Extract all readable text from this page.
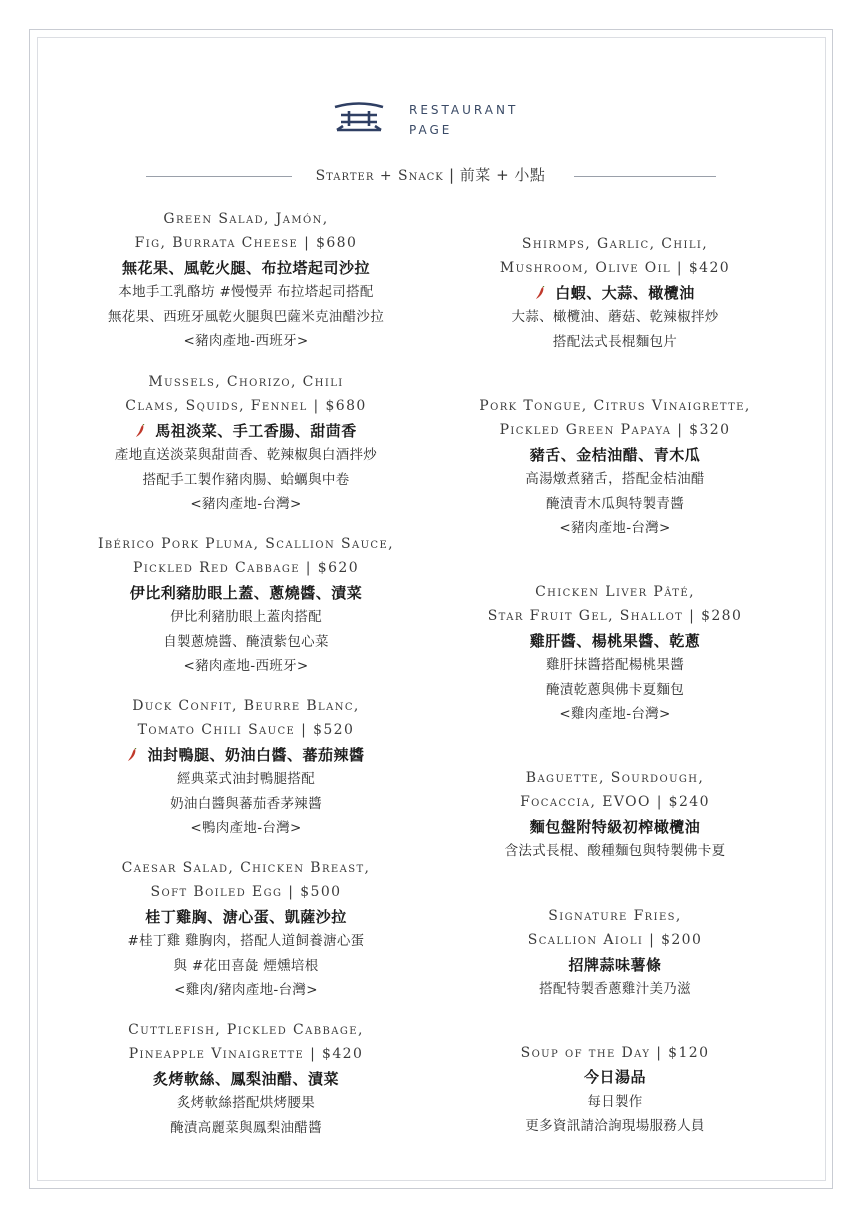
RESTAURANT
PAGE
Starter + Snack | 前菜 + 小點
Green Salad, Jamón,
Fig, Burrata Cheese | $680
無花果、風乾火腿、布拉塔起司沙拉
本地手工乳酪坊 #慢慢弄 布拉塔起司搭配
無花果、西班牙風乾火腿與巴薩米克油醋沙拉
<豬肉產地-西班牙>
Mussels, Chorizo, Chili
Clams, Squids, Fennel | $680
馬祖淡菜、手工香腸、甜茴香
產地直送淡菜與甜茴香、乾辣椒與白酒拌炒
搭配手工製作豬肉腸、蛤蠣與中卷
<豬肉產地-台灣>
Ibérico Pork Pluma, Scallion Sauce,
Pickled Red Cabbage | $620
伊比利豬肋眼上蓋、蔥燒醬、漬菜
伊比利豬肋眼上蓋肉搭配
自製蔥燒醬、醃漬紫包心菜
<豬肉產地-西班牙>
Duck Confit, Beurre Blanc,
Tomato Chili Sauce | $520
油封鴨腿、奶油白醬、蕃茄辣醬
經典菜式油封鴨腿搭配
奶油白醬與蕃茄香茅辣醬
<鴨肉產地-台灣>
Caesar Salad, Chicken Breast,
Soft Boiled Egg | $500
桂丁雞胸、溏心蛋、凱薩沙拉
#桂丁雞 雞胸肉，搭配人道飼養溏心蛋
與 #花田喜彘 煙燻培根
<雞肉/豬肉產地-台灣>
Cuttlefish, Pickled Cabbage,
Pineapple Vinaigrette | $420
炙烤軟絲、鳳梨油醋、漬菜
炙烤軟絲搭配烘烤腰果
醃漬高麗菜與鳳梨油醋醬
Shirmps, Garlic, Chili,
Mushroom, Olive Oil | $420
白蝦、大蒜、橄欖油
大蒜、橄欖油、蘑菇、乾辣椒拌炒
搭配法式長棍麵包片
Pork Tongue, Citrus Vinaigrette,
Pickled Green Papaya | $320
豬舌、金桔油醋、青木瓜
高湯燉煮豬舌，搭配金桔油醋
醃漬青木瓜與特製青醬
<豬肉產地-台灣>
Chicken Liver Pâté,
Star Fruit Gel, Shallot | $280
雞肝醬、楊桃果醬、乾蔥
雞肝抹醬搭配楊桃果醬
醃漬乾蔥與佛卡夏麵包
<雞肉產地-台灣>
Baguette, Sourdough,
Focaccia, EVOO | $240
麵包盤附特級初榨橄欖油
含法式長棍、酸種麵包與特製佛卡夏
Signature Fries,
Scallion Aioli | $200
招牌蒜味薯條
搭配特製香蔥雞汁美乃滋
Soup of the Day | $120
今日湯品
每日製作
更多資訊請洽詢現場服務人員
